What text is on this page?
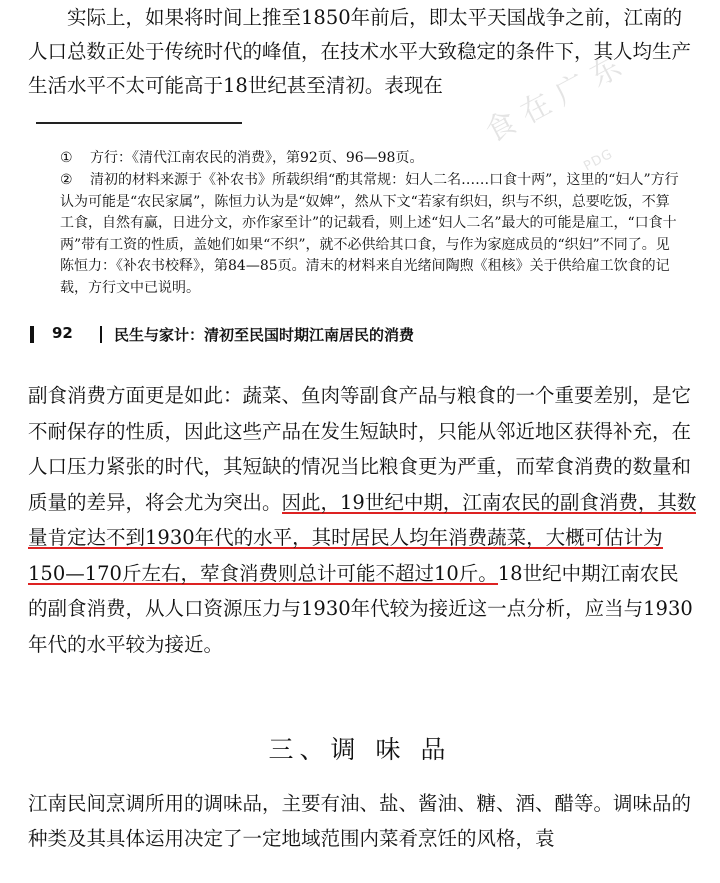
食 在 广 东
PDG

实际上，如果将时间上推至1850年前后，即太平天国战争之前，江南的人口总数正处于传统时代的峰值，在技术水平大致稳定的条件下，其人均生产生活水平不太可能高于18世纪甚至清初。表现在

① 方行：《清代江南农民的消费》，第92页、96—98页。

② 清初的材料来源于《补农书》所载织绢“酌其常规：妇人二名……口食十两”，这里的“妇人”方行认为可能是“农民家属”，陈恒力认为是“奴婢”，然从下文“若家有织妇，织与不织，总要吃饭，不算工食，自然有赢，日进分文，亦作家至计”的记载看，则上述“妇人二名”最大的可能是雇工，“口食十两”带有工资的性质，盖她们如果“不织”，就不必供给其口食，与作为家庭成员的“织妇”不同了。见陈恒力：《补农书校释》，第84—85页。清末的材料来自光绪间陶煦《租核》关于供给雇工饮食的记载，方行文中已说明。

92	民生与家计：清初至民国时期江南居民的消费

副食消费方面更是如此：蔬菜、鱼肉等副食产品与粮食的一个重要差别，是它不耐保存的性质，因此这些产品在发生短缺时，只能从邻近地区获得补充，在人口压力紧张的时代，其短缺的情况当比粮食更为严重，而荤食消费的数量和质量的差异，将会尤为突出。因此，19世纪中期，江南农民的副食消费，其数量肯定达不到1930年代的水平，其时居民人均年消费蔬菜，大概可估计为150—170斤左右，荤食消费则总计可能不超过10斤。18世纪中期江南农民的副食消费，从人口资源压力与1930年代较为接近这一点分析，应当与1930年代的水平较为接近。

三、调 味 品

江南民间烹调所用的调味品，主要有油、盐、酱油、糖、酒、醋等。调味品的种类及其具体运用决定了一定地域范围内菜肴烹饪的风格，袁
